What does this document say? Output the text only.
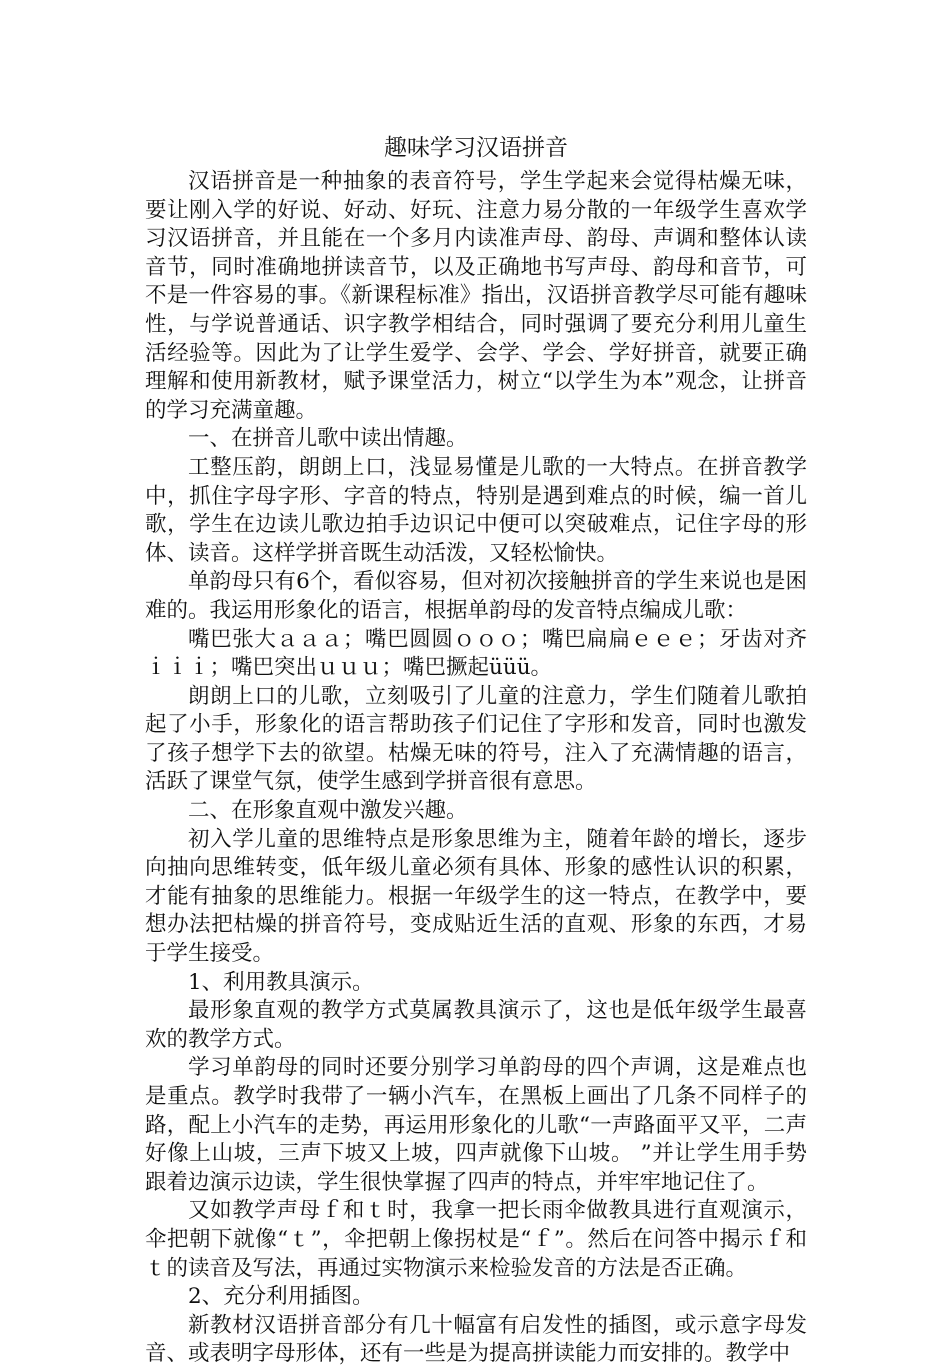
趣味学习汉语拼音

汉语拼音是一种抽象的表音符号，学生学起来会觉得枯燥无味，要让刚入学的好说、好动、好玩、注意力易分散的一年级学生喜欢学习汉语拼音，并且能在一个多月内读准声母、韵母、声调和整体认读音节，同时准确地拼读音节，以及正确地书写声母、韵母和音节，可不是一件容易的事。《新课程标准》指出，汉语拼音教学尽可能有趣味性，与学说普通话、识字教学相结合，同时强调了要充分利用儿童生活经验等。因此为了让学生爱学、会学、学会、学好拼音，就要正确理解和使用新教材，赋予课堂活力，树立“以学生为本”观念，让拼音的学习充满童趣。

一、在拼音儿歌中读出情趣。

工整压韵，朗朗上口，浅显易懂是儿歌的一大特点。在拼音教学中，抓住字母字形、字音的特点，特别是遇到难点的时候，编一首儿歌，学生在边读儿歌边拍手边识记中便可以突破难点，记住字母的形体、读音。这样学拼音既生动活泼，又轻松愉快。

单韵母只有6个，看似容易，但对初次接触拼音的学生来说也是困难的。我运用形象化的语言，根据单韵母的发音特点编成儿歌：

嘴巴张大ａａａ；嘴巴圆圆ｏｏｏ；嘴巴扁扁ｅｅｅ；牙齿对齐ｉｉｉ；嘴巴突出ｕｕｕ；嘴巴撅起üüü。

朗朗上口的儿歌，立刻吸引了儿童的注意力，学生们随着儿歌拍起了小手，形象化的语言帮助孩子们记住了字形和发音，同时也激发了孩子想学下去的欲望。枯燥无味的符号，注入了充满情趣的语言，活跃了课堂气氛，使学生感到学拼音很有意思。

二、在形象直观中激发兴趣。

初入学儿童的思维特点是形象思维为主，随着年龄的增长，逐步向抽向思维转变，低年级儿童必须有具体、形象的感性认识的积累，才能有抽象的思维能力。根据一年级学生的这一特点，在教学中，要想办法把枯燥的拼音符号，变成贴近生活的直观、形象的东西，才易于学生接受。

1、利用教具演示。

最形象直观的教学方式莫属教具演示了，这也是低年级学生最喜欢的教学方式。

学习单韵母的同时还要分别学习单韵母的四个声调，这是难点也是重点。教学时我带了一辆小汽车，在黑板上画出了几条不同样子的路，配上小汽车的走势，再运用形象化的儿歌“一声路面平又平，二声好像上山坡，三声下坡又上坡，四声就像下山坡。 ”并让学生用手势跟着边演示边读，学生很快掌握了四声的特点，并牢牢地记住了。

又如教学声母ｆ和ｔ时，我拿一把长雨伞做教具进行直观演示，伞把朝下就像“ｔ”，伞把朝上像拐杖是“ｆ”。然后在问答中揭示ｆ和ｔ的读音及写法，再通过实物演示来检验发音的方法是否正确。

2、充分利用插图。

新教材汉语拼音部分有几十幅富有启发性的插图，或示意字母发音、或表明字母形体，还有一些是为提高拼读能力而安排的。教学中
